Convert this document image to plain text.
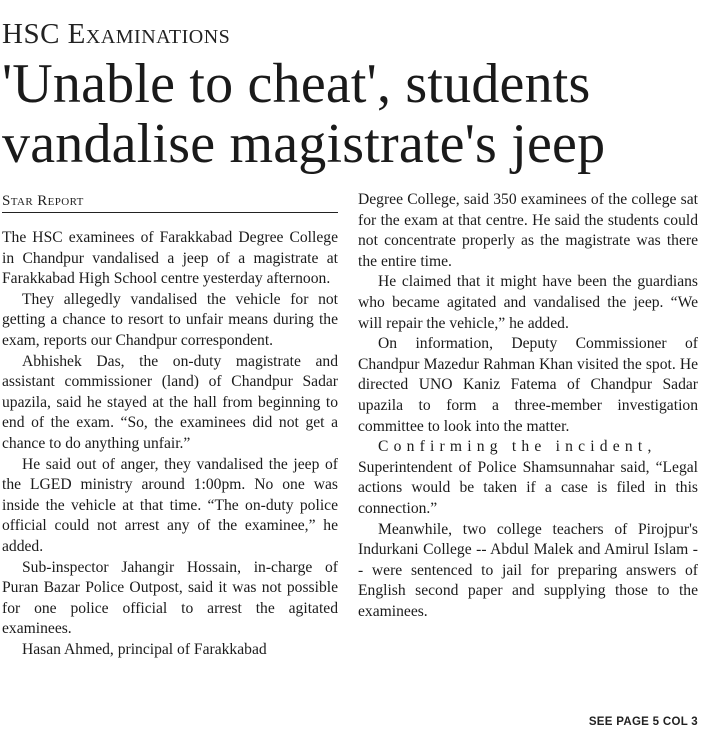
HSC Examinations
'Unable to cheat', students
vandalise magistrate's jeep
Star Report

The HSC examinees of Farakkabad Degree College in Chandpur vandalised a jeep of a magistrate at Farakkabad High School centre yesterday afternoon.

They allegedly vandalised the vehicle for not getting a chance to resort to unfair means during the exam, reports our Chandpur correspondent.

Abhishek Das, the on-duty magistrate and assistant commissioner (land) of Chandpur Sadar upazila, said he stayed at the hall from beginning to end of the exam. “So, the examinees did not get a chance to do anything unfair.”

He said out of anger, they vandalised the jeep of the LGED ministry around 1:00pm. No one was inside the vehicle at that time. “The on-duty police official could not arrest any of the examinee,” he added.

Sub-inspector Jahangir Hossain, in-charge of Puran Bazar Police Outpost, said it was not possible for one police official to arrest the agitated examinees.

Hasan Ahmed, principal of Farakkabad

Degree College, said 350 examinees of the college sat for the exam at that centre. He said the students could not concentrate properly as the magistrate was there the entire time.

He claimed that it might have been the guardians who became agitated and vandalised the jeep. “We will repair the vehicle,” he added.

On information, Deputy Commissioner of Chandpur Mazedur Rahman Khan visited the spot. He directed UNO Kaniz Fatema of Chandpur Sadar upazila to form a three-member investigation committee to look into the matter.

Confirming the incident,

Superintendent of Police Shamsunnahar said, “Legal actions would be taken if a case is filed in this connection.”

Meanwhile, two college teachers of Pirojpur's Indurkani College -- Abdul Malek and Amirul Islam -- were sentenced to jail for preparing answers of English second paper and supplying those to the examinees.

SEE PAGE 5 COL 3
